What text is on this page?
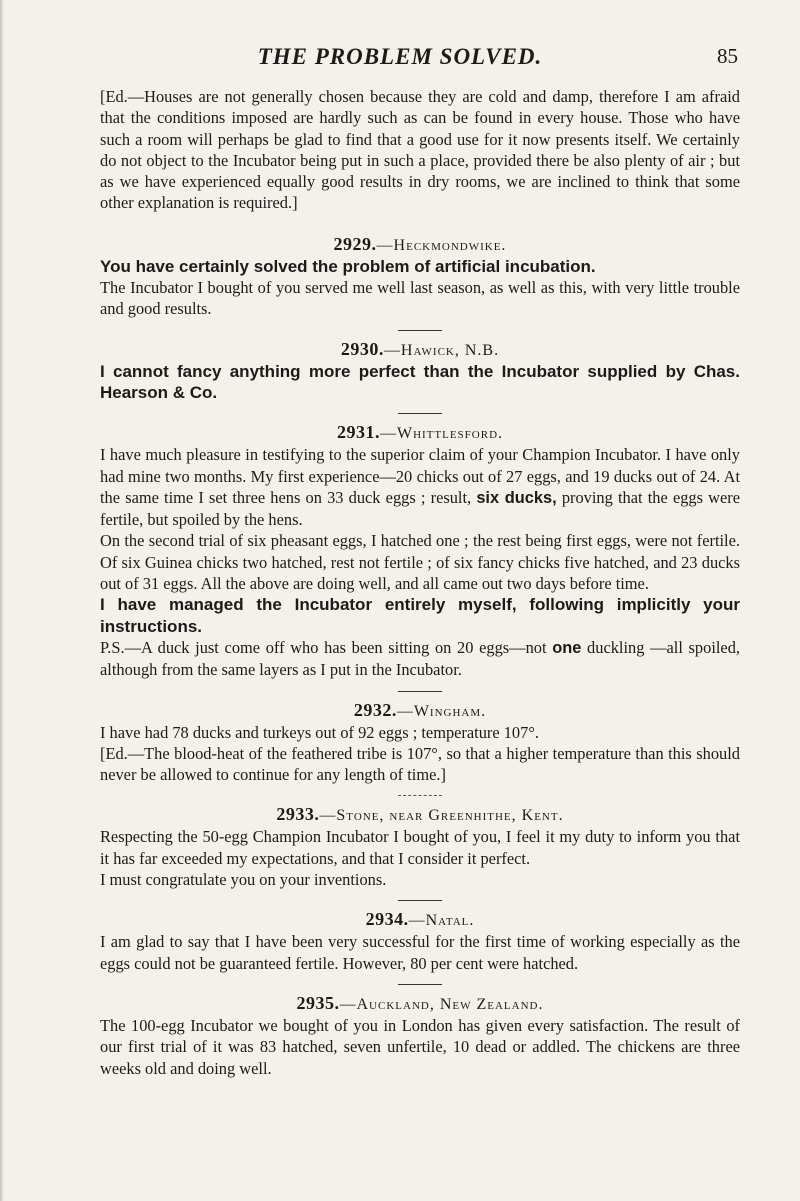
THE PROBLEM SOLVED.	85

[Ed.—Houses are not generally chosen because they are cold and damp, therefore I am afraid that the conditions imposed are hardly such as can be found in every house. Those who have such a room will perhaps be glad to find that a good use for it now presents itself. We certainly do not object to the Incubator being put in such a place, provided there be also plenty of air ; but as we have experienced equally good results in dry rooms, we are inclined to think that some other explanation is required.]

2929.—Heckmondwike.

You have certainly solved the problem of artificial incubation.

The Incubator I bought of you served me well last season, as well as this, with very little trouble and good results.

2930.—Hawick, N.B.

I cannot fancy anything more perfect than the Incubator supplied by Chas. Hearson & Co.

2931.—Whittlesford.

I have much pleasure in testifying to the superior claim of your Champion Incubator. I have only had mine two months. My first experience—20 chicks out of 27 eggs, and 19 ducks out of 24. At the same time I set three hens on 33 duck eggs ; result, six ducks, proving that the eggs were fertile, but spoiled by the hens.

On the second trial of six pheasant eggs, I hatched one ; the rest being first eggs, were not fertile. Of six Guinea chicks two hatched, rest not fertile ; of six fancy chicks five hatched, and 23 ducks out of 31 eggs. All the above are doing well, and all came out two days before time.

I have managed the Incubator entirely myself, following implicitly your instructions.

P.S.—A duck just come off who has been sitting on 20 eggs—not one duckling —all spoiled, although from the same layers as I put in the Incubator.

2932.—Wingham.

I have had 78 ducks and turkeys out of 92 eggs ; temperature 107°.

[Ed.—The blood-heat of the feathered tribe is 107°, so that a higher temperature than this should never be allowed to continue for any length of time.]

2933.—Stone, near Greenhithe, Kent.

Respecting the 50-egg Champion Incubator I bought of you, I feel it my duty to inform you that it has far exceeded my expectations, and that I consider it perfect.

I must congratulate you on your inventions.

2934.—Natal.

I am glad to say that I have been very successful for the first time of working especially as the eggs could not be guaranteed fertile. However, 80 per cent were hatched.

2935.—Auckland, New Zealand.

The 100-egg Incubator we bought of you in London has given every satisfaction. The result of our first trial of it was 83 hatched, seven unfertile, 10 dead or addled. The chickens are three weeks old and doing well.
